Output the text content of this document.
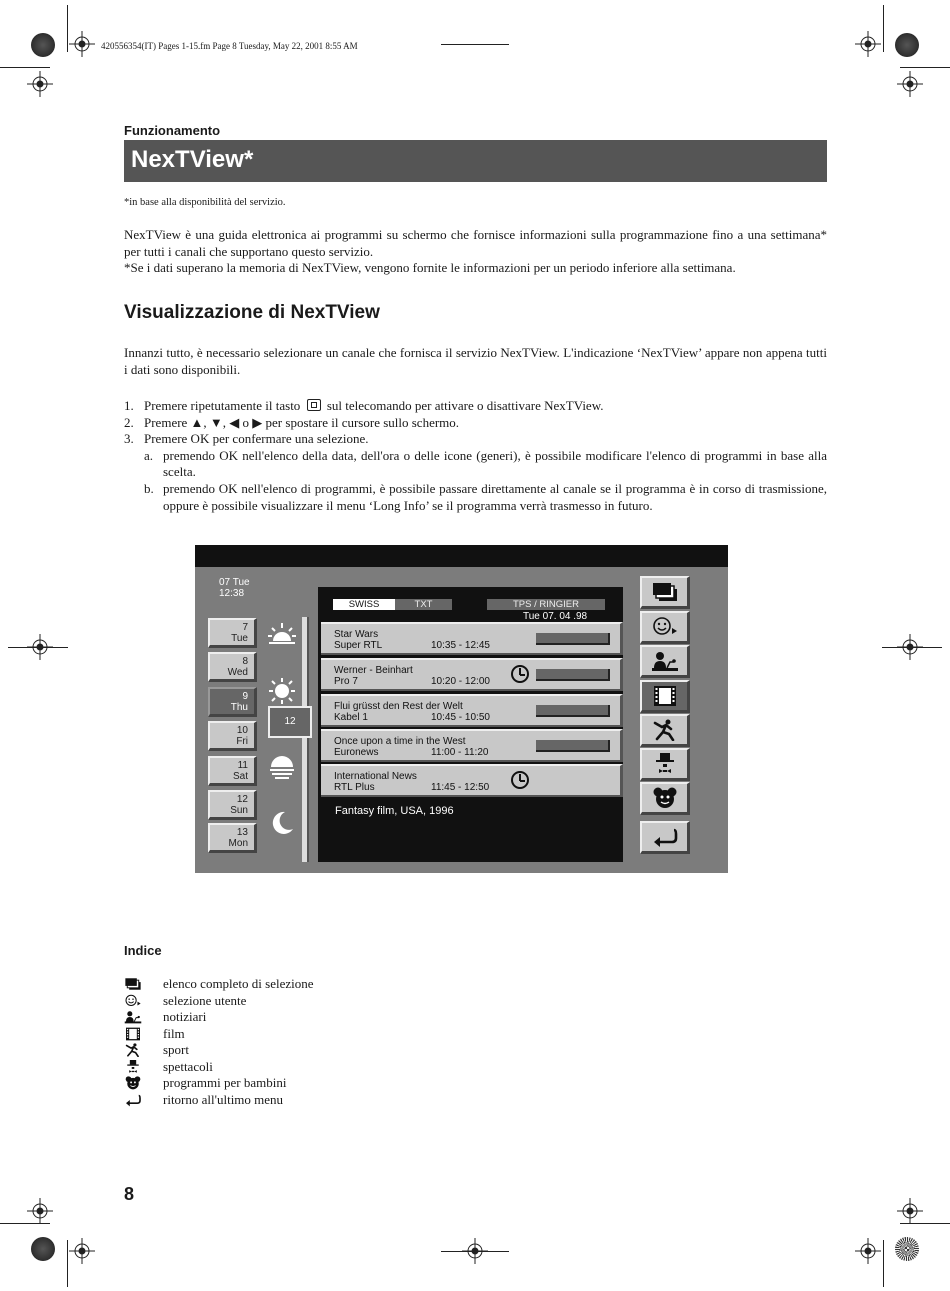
420556354(IT) Pages 1-15.fm Page 8 Tuesday, May 22, 2001 8:55 AM
Funzionamento
NexTView*
*in base alla disponibilità del servizio.
NexTView è una guida elettronica ai programmi su schermo che fornisce informazioni sulla programmazione fino a una settimana* per tutti i canali che supportano questo servizio.
*Se i dati superano la memoria di NexTView, vengono fornite le informazioni per un periodo inferiore alla settimana.
Visualizzazione di NexTView
Innanzi tutto, è necessario selezionare un canale che fornisca il servizio NexTView. L'indicazione ‘NexTView’ appare non appena tutti i dati sono disponibili.
1. Premere ripetutamente il tasto sul telecomando per attivare o disattivare NexTView.
2. Premere ▲, ▼, ◀ o ▶ per spostare il cursore sullo schermo.
3. Premere OK per confermare una selezione.
a. premendo OK nell'elenco della data, dell'ora o delle icone (generi), è possibile modificare l'elenco di programmi in base alla scelta.
b. premendo OK nell'elenco di programmi, è possibile passare direttamente al canale se il programma è in corso di trasmissione, oppure è possibile visualizzare il menu ‘Long Info’ se il programma verrà trasmesso in futuro.
07 Tue
12:38
7
Tue
8
Wed
9
Thu
10
Fri
11
Sat
12
Sun
13
Mon
12
SWISS	TXT	TPS / RINGIER
Tue 07. 04 .98
Star Wars
Super RTL	10:35 - 12:45
Werner - Beinhart
Pro 7	10:20 - 12:00
Flui grüsst den Rest der Welt
Kabel 1	10:45 - 10:50
Once upon a time in the West
Euronews	11:00 - 11:20
International News
RTL Plus	11:45 - 12:50
Fantasy film, USA, 1996
Indice
elenco completo di selezione
selezione utente
notiziari
film
sport
spettacoli
programmi per bambini
ritorno all'ultimo menu
8
